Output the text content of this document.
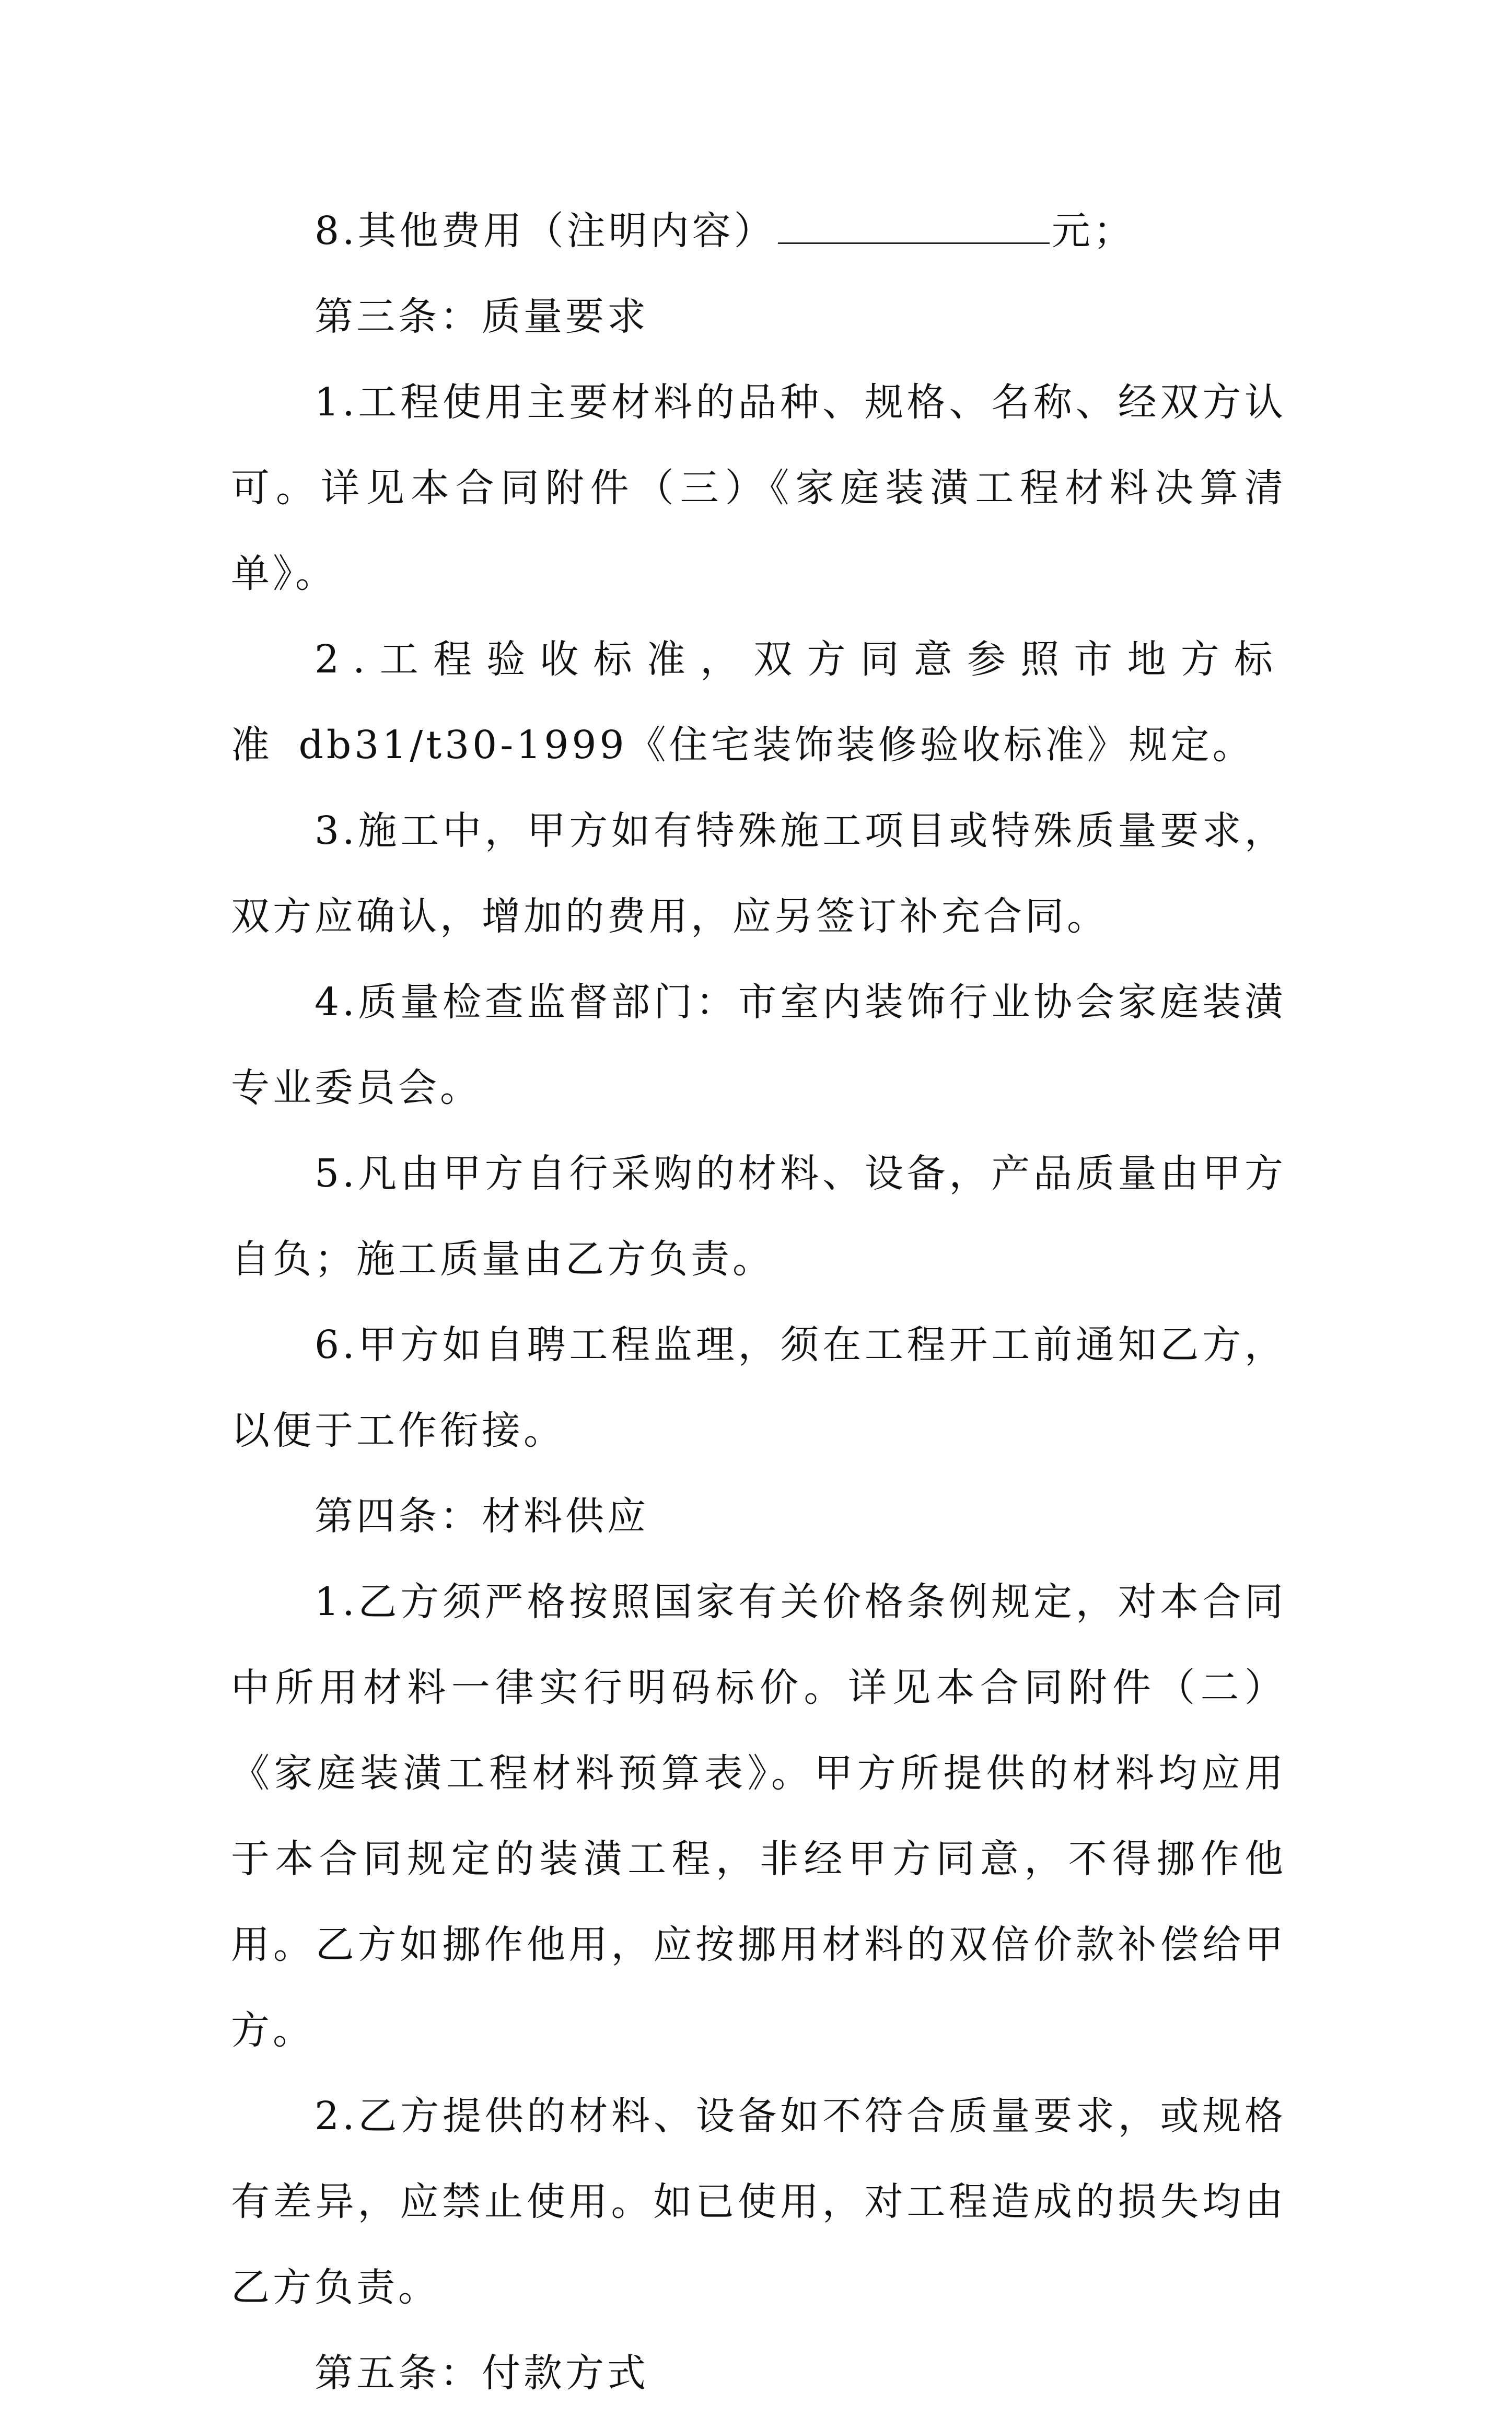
8.其他费用（注明内容）	元；

第三条：质量要求

1.工程使用主要材料的品种、规格、名称、经双方认可。详见本合同附件（三）《家庭装潢工程材料决算清单》。

2.工程验收标准，双方同意参照市地方标准 db31/t30-1999《住宅装饰装修验收标准》规定。

3.施工中，甲方如有特殊施工项目或特殊质量要求，双方应确认，增加的费用，应另签订补充合同。

4.质量检查监督部门：市室内装饰行业协会家庭装潢专业委员会。

5.凡由甲方自行采购的材料、设备，产品质量由甲方自负；施工质量由乙方负责。

6.甲方如自聘工程监理，须在工程开工前通知乙方，以便于工作衔接。

第四条：材料供应

1.乙方须严格按照国家有关价格条例规定，对本合同中所用材料一律实行明码标价。详见本合同附件（二）《家庭装潢工程材料预算表》。甲方所提供的材料均应用于本合同规定的装潢工程，非经甲方同意，不得挪作他用。乙方如挪作他用，应按挪用材料的双倍价款补偿给甲方。

2.乙方提供的材料、设备如不符合质量要求，或规格有差异，应禁止使用。如已使用，对工程造成的损失均由乙方负责。

第五条：付款方式
